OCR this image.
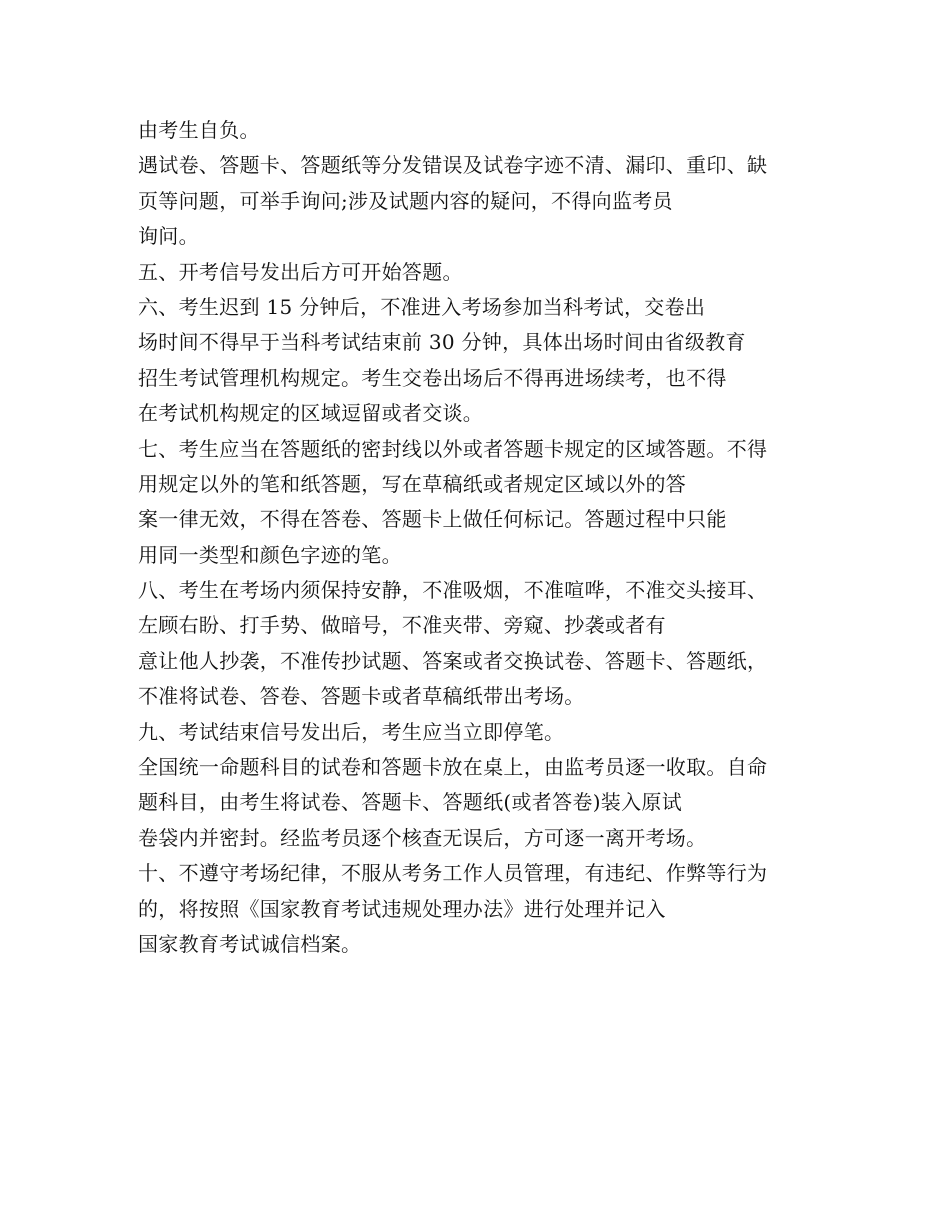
由考生自负。
遇试卷、答题卡、答题纸等分发错误及试卷字迹不清、漏印、重印、缺
页等问题，可举手询问;涉及试题内容的疑问，不得向监考员
询问。
五、开考信号发出后方可开始答题。
六、考生迟到 15 分钟后，不准进入考场参加当科考试，交卷出
场时间不得早于当科考试结束前 30 分钟，具体出场时间由省级教育
招生考试管理机构规定。考生交卷出场后不得再进场续考，也不得
在考试机构规定的区域逗留或者交谈。
七、考生应当在答题纸的密封线以外或者答题卡规定的区域答题。不得
用规定以外的笔和纸答题，写在草稿纸或者规定区域以外的答
案一律无效，不得在答卷、答题卡上做任何标记。答题过程中只能
用同一类型和颜色字迹的笔。
八、考生在考场内须保持安静，不准吸烟，不准喧哗，不准交头接耳、
左顾右盼、打手势、做暗号，不准夹带、旁窥、抄袭或者有
意让他人抄袭，不准传抄试题、答案或者交换试卷、答题卡、答题纸，
不准将试卷、答卷、答题卡或者草稿纸带出考场。
九、考试结束信号发出后，考生应当立即停笔。
全国统一命题科目的试卷和答题卡放在桌上，由监考员逐一收取。自命
题科目，由考生将试卷、答题卡、答题纸(或者答卷)装入原试
卷袋内并密封。经监考员逐个核查无误后，方可逐一离开考场。
十、不遵守考场纪律，不服从考务工作人员管理，有违纪、作弊等行为
的，将按照《国家教育考试违规处理办法》进行处理并记入
国家教育考试诚信档案。
